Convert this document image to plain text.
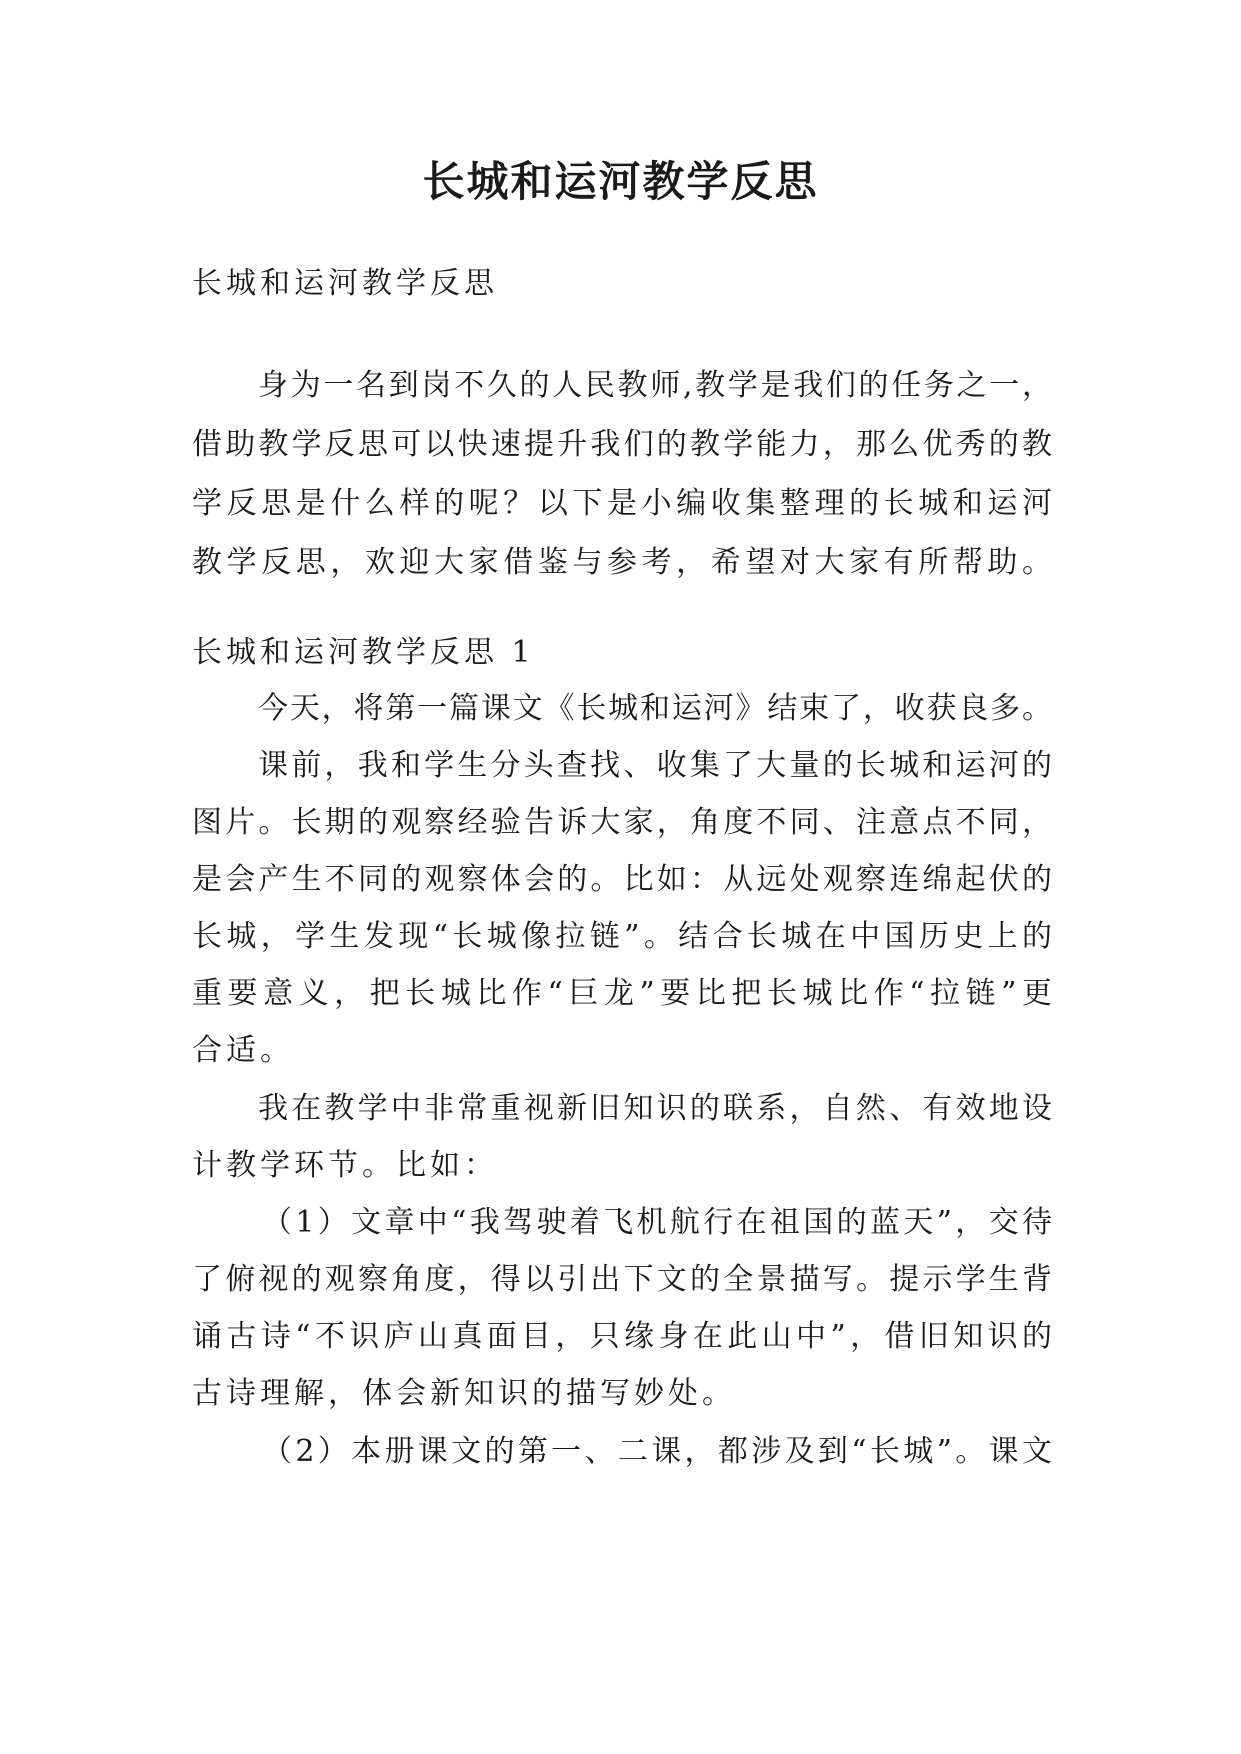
长城和运河教学反思
长城和运河教学反思
身为一名到岗不久的人民教师,教学是我们的任务之一，
借助教学反思可以快速提升我们的教学能力，那么优秀的教
学反思是什么样的呢？以下是小编收集整理的长城和运河
教学反思，欢迎大家借鉴与参考，希望对大家有所帮助。
长城和运河教学反思 1
今天，将第一篇课文《长城和运河》结束了，收获良多。
课前，我和学生分头查找、收集了大量的长城和运河的
图片。长期的观察经验告诉大家，角度不同、注意点不同，
是会产生不同的观察体会的。比如：从远处观察连绵起伏的
长城，学生发现“长城像拉链”。结合长城在中国历史上的
重要意义，把长城比作“巨龙”要比把长城比作“拉链”更
合适。
我在教学中非常重视新旧知识的联系，自然、有效地设
计教学环节。比如：
（1）文章中“我驾驶着飞机航行在祖国的蓝天”，交待
了俯视的观察角度，得以引出下文的全景描写。提示学生背
诵古诗“不识庐山真面目，只缘身在此山中”，借旧知识的
古诗理解，体会新知识的描写妙处。
（2）本册课文的第一、二课，都涉及到“长城”。课文
